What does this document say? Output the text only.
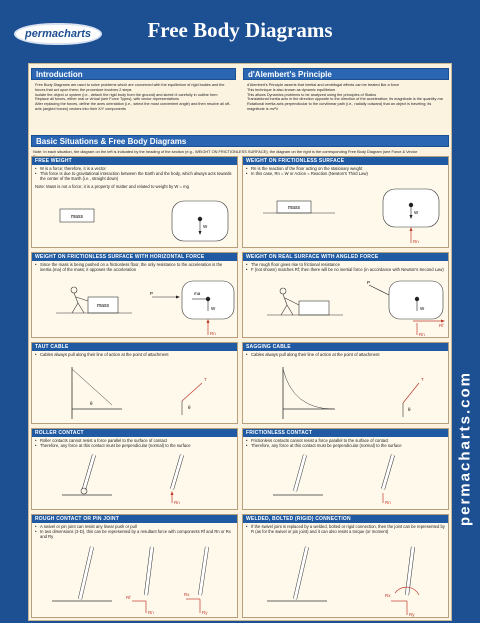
permacharts	Free Body Diagrams
permacharts.com
Introduction
Free Body Diagrams are used to solve problems which are concerned with the equilibrium of rigid bodies and the forces that act upon them; the procedure involves 2 steps
Isolate the object or system (i.e., detach the rigid body from the ground) and sketch it carefully in outline form
Replace all forces, either real or virtual (see Force Types), with vector representations
After replacing the forces, define the axes orientation (i.e., select the most convenient angle) and then resolve all off-axis (angled forces) vectors into their X/Y components
d'Alembert's Principle
d'Alembert's Principle asserts that inertial and centrifugal effects can be treated like a force
This technique is also known as dynamic equilibrium
This allows Dynamics problems to be analyzed using the principles of Statics
Translational inertia acts in the direction opposite to the direction of the acceleration; its magnitude is the quantity ma
Rotational inertia acts perpendicular to the curvilinear path (i.e., radially outward) that an object is traveling; its magnitude is mv²/r
Basic Situations & Free Body Diagrams
Note: In each situation, the diagram on the left is indicated by the heading of the section (e.g., WEIGHT ON FRICTIONLESS SURFACE); the diagram on the right is the corresponding Free Body Diagram (see Force & Vector
FREE WEIGHT
• W is a force; therefore, it is a vector
• This force is due to gravitational interaction between the Earth and the body, which always acts towards the center of the Earth (i.e., straight down)
Note: Mass is not a force; it is a property of matter and related to weight by W = mg
mass
W
WEIGHT ON FRICTIONLESS SURFACE
• Rn is the reaction of the floor acting on the stationary weight
• In this case, Rn = W or Action = Reaction (Newton's Third Law)
mass
W
Rn
WEIGHT ON FRICTIONLESS SURFACE WITH HORIZONTAL FORCE
• Since the mass is being pushed on a frictionless floor, the only resistance to the acceleration is the inertia (ma) of the mass; it opposes the acceleration
mass
P	ma
W
Rn
WEIGHT ON REAL SURFACE WITH ANGLED FORCE
• The rough floor gives rise to frictional resistance
• F (not shown) matches Rf; then there will be no inertial force (in accordance with Newton's Second Law)
P
W
Rf
Rn
TAUT CABLE
• Cables always pull along their line of action at the point of attachment
θ
T
θ
SAGGING CABLE
• Cables always pull along their line of action at the point of attachment
T
θ
ROLLER CONTACT
• Roller contacts cannot resist a force parallel to the surface of contact
• Therefore, any force at this contact must be perpendicular (normal) to the surface
Rn
FRICTIONLESS CONTACT
• Frictionless contacts cannot resist a force parallel to the surface of contact
• Therefore, any force at this contact must be perpendicular (normal) to the surface
Rn
ROUGH CONTACT OR PIN JOINT
• A swivel or pin joint can resist any linear push or pull
• In two dimensions (2-D), this can be represented by a resultant force with components Rf and Rn or Rx and Ry
Rf
Rn
Rx
Ry
WELDED, BOLTED (RIGID) CONNECTION
• If the swivel joint is replaced by a welded, bolted or rigid connection, then the joint can be represented by R (as for the swivel or pin joint) and it can also resist a torque (or moment)
Rx
Ry
